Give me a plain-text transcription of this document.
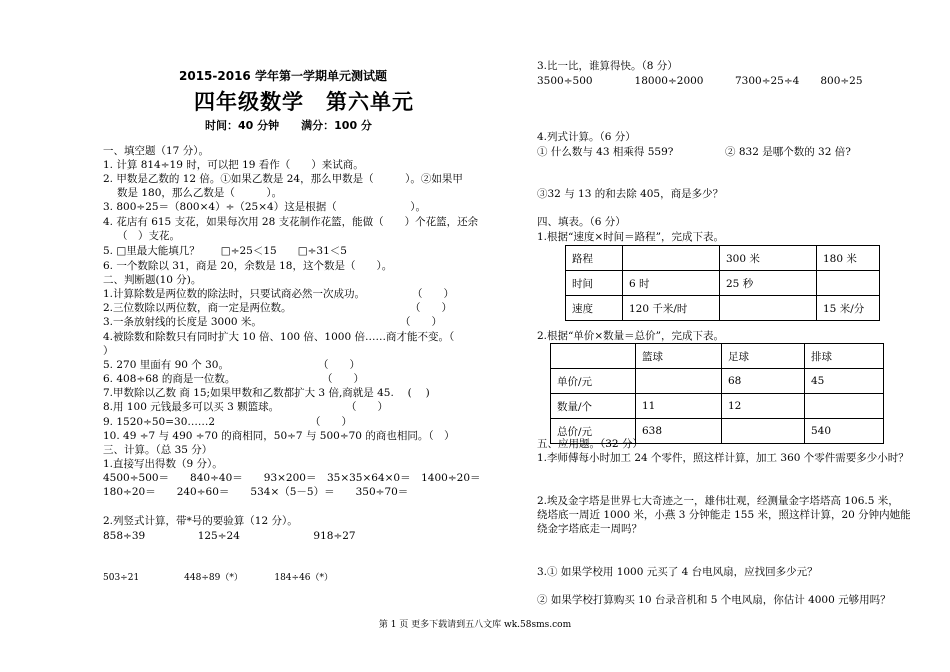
2015-2016 学年第一学期单元测试题
四年级数学　第六单元
时间：40 分钟　　满分：100 分
一、填空题（17 分）。
1. 计算 814÷19 时，可以把 19 看作（　　）来试商。
2. 甲数是乙数的 12 倍。①如果乙数是 24，那么甲数是（　　　）。②如果甲
数是 180，那么乙数是（　　　）。
3. 800÷25＝（800×4）÷（25×4）这是根据（　　　　　　　）。
4. 花店有 615 支花，如果每次用 28 支花制作花篮，能做（　　）个花篮，还余
（　）支花。
5. □里最大能填几？　　□÷25＜15　　□÷31＜5
6. 一个数除以 31，商是 20，余数是 18，这个数是（　　）。
二、判断题(10 分)。
1.计算除数是两位数的除法时，只要试商必然一次成功。	（　　）
2.三位数除以两位数，商一定是两位数。	（　　）
3.一条放射线的长度是 3000 米。	（　　）
4.被除数和除数只有同时扩大 10 倍、100 倍、1000 倍……商才能不变。（
）
5. 270 里面有 90 个 30。	（　　）
6. 408÷68 的商是一位数。	（　　）
7.甲数除以乙数 商 15;如果甲数和乙数都扩大 3 倍,商就是 45.　 (　 )
8.用 100 元钱最多可以买 3 颗篮球。	（　　）
9. 1520÷50=30……2	（　　）
10. 49 ÷7 与 490 ÷70 的商相同，50÷7 与 500÷70 的商也相同。（　）
三、计算。（总 35 分）
1.直接写出得数（9 分）。
4500÷500＝　　840÷40＝　　93×200＝　35×35×64×0＝　1400÷20＝
180÷20＝　　240÷60＝　　534×（5－5）＝　　350÷70＝
2.列竖式计算，带*号的要验算（12 分）。
858÷39　　　　　125÷24　　　　　　　918÷27
503÷21　　　　　448÷89（*）　　　　184÷46（*）
3.比一比，谁算得快。（8 分）
3500÷500　　　　18000÷2000　　　7300÷25÷4　　800÷25
4.列式计算。（6 分）
① 什么数与 43 相乘得 559?	② 832 是哪个数的 32 倍?
③32 与 13 的和去除 405，商是多少？
四、填表。（6 分）
1.根据“速度×时间＝路程”，完成下表。
路程		300 米	180 米
时间	6 时	25 秒	
速度	120 千米/时		15 米/分
2.根据“单价×数量＝总价”，完成下表。
	篮球	足球	排球
单价/元		68	45
数量/个	11	12	
总价/元	638		540
五、应用题。（32 分）
1.李师傅每小时加工 24 个零件，照这样计算，加工 360 个零件需要多少小时？
2.埃及金字塔是世界七大奇迹之一，雄伟壮观，经测量金字塔塔高 106.5 米，
绕塔底一周近 1000 米，小燕 3 分钟能走 155 米，照这样计算，20 分钟内她能
绕金字塔底走一周吗？
3.① 如果学校用 1000 元买了 4 台电风扇，应找回多少元？
② 如果学校打算购买 10 台录音机和 5 个电风扇，你估计 4000 元够用吗？
第 1 页 更多下载请到五八文库 wk.58sms.com
